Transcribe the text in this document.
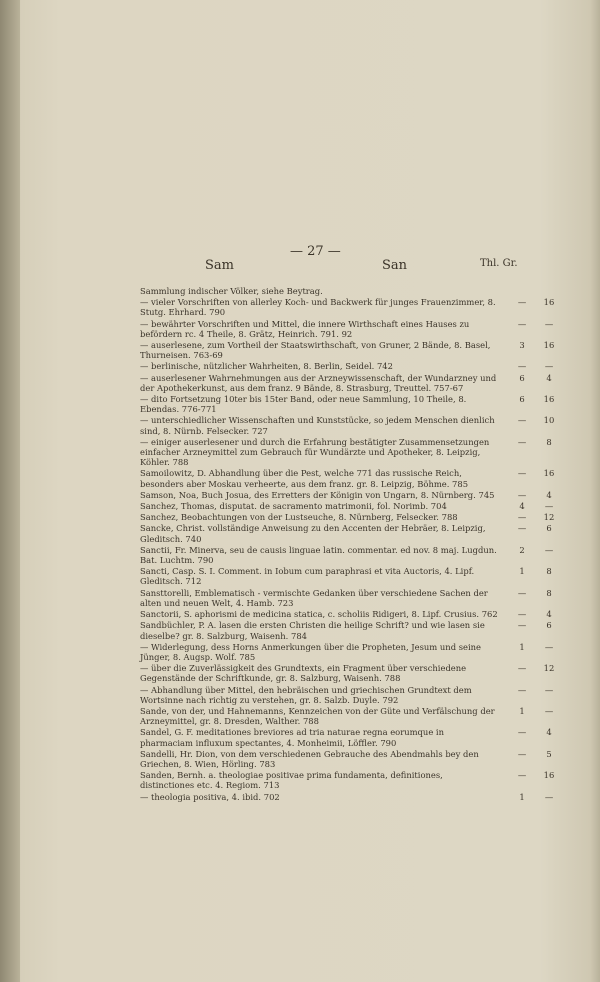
Sam
— 27 —
San	Thl. Gr.
Sammlung indischer Völker, siehe Beytrag.
— vieler Vorschriften von allerley Koch- und Backwerk für junges Frauenzimmer, 8. Stutg. Ehrhard. 790
—	16
— bewährter Vorschriften und Mittel, die innere Wirthschaft eines Hauses zu befördern rc. 4 Theile, 8. Grätz, Heinrich. 791. 92
—	—
— auserlesene, zum Vortheil der Staatswirthschaft, von Gruner, 2 Bände, 8. Basel, Thurneisen. 763-69
3	16
— berlinische, nützlicher Wahrheiten, 8. Berlin, Seidel. 742	—	—
— auserlesener Wahrnehmungen aus der Arzneywissenschaft, der Wundarzney und der Apothekerkunst, aus dem franz. 9 Bände, 8. Strasburg, Treuttel. 757-67
6	4
— dito Fortsetzung 10ter bis 15ter Band, oder neue Sammlung, 10 Theile, 8. Ebendas. 776-771
6	16
— unterschiedlicher Wissenschaften und Kunststücke, so jedem Menschen dienlich sind, 8. Nürnb. Felsecker. 727
—	10
— einiger auserlesener und durch die Erfahrung bestätigter Zusammensetzungen einfacher Arzneymittel zum Gebrauch für Wundärzte und Apotheker, 8. Leipzig, Köhler. 788
—	8
Samoilowitz, D. Abhandlung über die Pest, welche 771 das russische Reich, besonders aber Moskau verheerte, aus dem franz. gr. 8. Leipzig, Böhme. 785
—	16
Samson, Noa, Buch Josua, des Erretters der Königin von Ungarn, 8. Nürnberg. 745	—	4
Sanchez, Thomas, disputat. de sacramento matrimonii, fol. Norimb. 704	4	—
Sanchez, Beobachtungen von der Lustseuche, 8. Nürnberg, Felsecker. 788	—	12
Sancke, Christ. vollständige Anweisung zu den Accenten der Hebräer, 8. Leipzig, Gleditsch. 740
—	6
Sanctii, Fr. Minerva, seu de causis linguae latin. commentar. ed nov. 8 maj. Lugdun. Bat. Luchtm. 790
2	—
Sancti, Casp. S. I. Comment. in Iobum cum paraphrasi et vita Auctoris, 4. Lipf. Gleditsch. 712
1	8
Sansttorelli, Emblematisch - vermischte Gedanken über verschiedene Sachen der alten und neuen Welt, 4. Hamb. 723
—	8
Sanctorii, S. aphorismi de medicina statica, c. scholiis Ridigeri, 8. Lipf. Crusius. 762	—	4
Sandbüchler, P. A. lasen die ersten Christen die heilige Schrift? und wie lasen sie dieselbe? gr. 8. Salzburg, Waisenh. 784
—	6
— Widerlegung, dess Horns Anmerkungen über die Propheten, Jesum und seine Jünger, 8. Augsp. Wolf. 785
1	—
— über die Zuverlässigkeit des Grundtexts, ein Fragment über verschiedene Gegenstände der Schriftkunde, gr. 8. Salzburg, Waisenh. 788
—	12
— Abhandlung über Mittel, den hebräischen und griechischen Grundtext dem Wortsinne nach richtig zu verstehen, gr. 8. Salzb. Duyle. 792
—	—
Sande, von der, und Hahnemanns, Kennzeichen von der Güte und Verfälschung der Arzneymittel, gr. 8. Dresden, Walther. 788
1	—
Sandel, G. F. meditationes breviores ad tria naturae regna eorumque in pharmaciam influxum spectantes, 4. Monheimii, Löffler. 790
—	4
Sandelli, Hr. Dion, von dem verschiedenen Gebrauche des Abendmahls bey den Griechen, 8. Wien, Hörling. 783
—	5
Sanden, Bernh. a. theologiae positivae prima fundamenta, definitiones, distinctiones etc. 4. Regiom. 713
—	16
— theologia positiva, 4. ibid. 702	1	—
